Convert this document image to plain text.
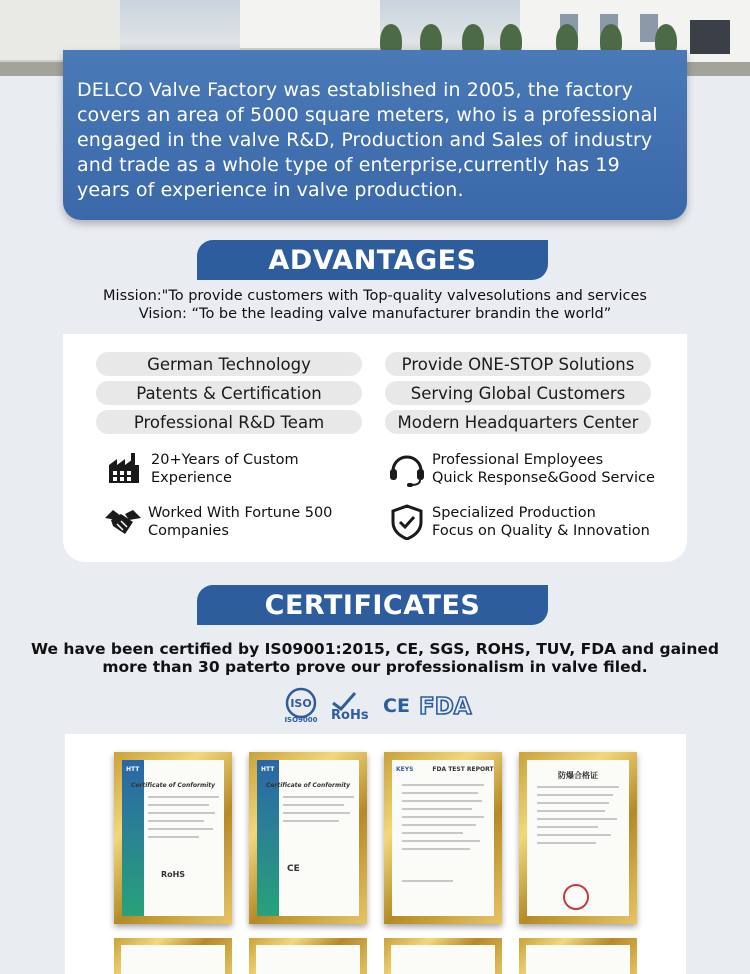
DELCO Valve Factory was established in 2005, the factory covers an area of 5000 square meters, who is a professional engaged in the valve R&D, Production and Sales of industry and trade as a whole type of enterprise,currently has 19 years of experience in valve production.

ADVANTAGES
Mission:"To provide customers with Top-quality valvesolutions and services
Vision: “To be the leading valve manufacturer brandin the world”
German Technology	Provide ONE-STOP Solutions
Patents & Certification	Serving Global Customers
Professional R&D Team	Modern Headquarters Center
20+Years of Custom
Experience
Professional Employees
Quick Response&Good Service
Worked With Fortune 500
Companies
Specialized Production
Focus on Quality & Innovation
CERTIFICATES
We have been certified by IS09001:2015, CE, SGS, ROHS, TUV, FDA and gained
more than 30 paterto prove our professionalism in valve filed.
ISO
ISO9000 RoHs CE FDA
HTT
Certificate of Conformity
RoHS
HTT
Certificate of Conformity
CE
KEYS	FDA TEST REPORT
防爆合格证
